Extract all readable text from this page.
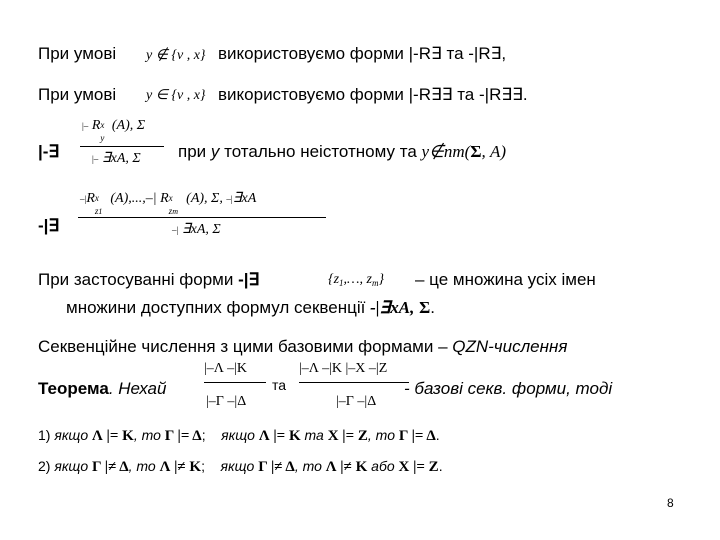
При умові y ∉ {v , x} використовуємо форми |-R∃ та -|R∃,
При умові y ∈ {v , x} використовуємо форми |-R∃∃ та -|R∃∃.
|-∃
|– R x
y
(A), Σ
|– ∃xA, Σ при y тотально неістотному та y∉nm(Σ, A)
-|∃
–|R x
z1
(A),...,–| R x
zm
(A), Σ, –|∃xA
–| ∃xA, Σ
При застосуванні форми -|∃	{$z_1,\dots$, $z_m$} – це множина усіх імен
множини доступних формул секвенції -|∃xA, Σ.
Секвенційне числення з цими базовими формами – QZN-числення
Теорема. Нехай
|–Λ –|K
|–Γ –|Δ
та
|–Λ –|K |–X –|Z
|–Γ –|Δ
- базові секв. форми, тоді
1) якщо Λ |= K, то Γ |= Δ; якщо Λ |= K та X |= Z, то Γ |= Δ.
2) якщо Γ |≠ Δ, то Λ |≠ K; якщо Γ |≠ Δ, то Λ |≠ K або X |= Z.
8
